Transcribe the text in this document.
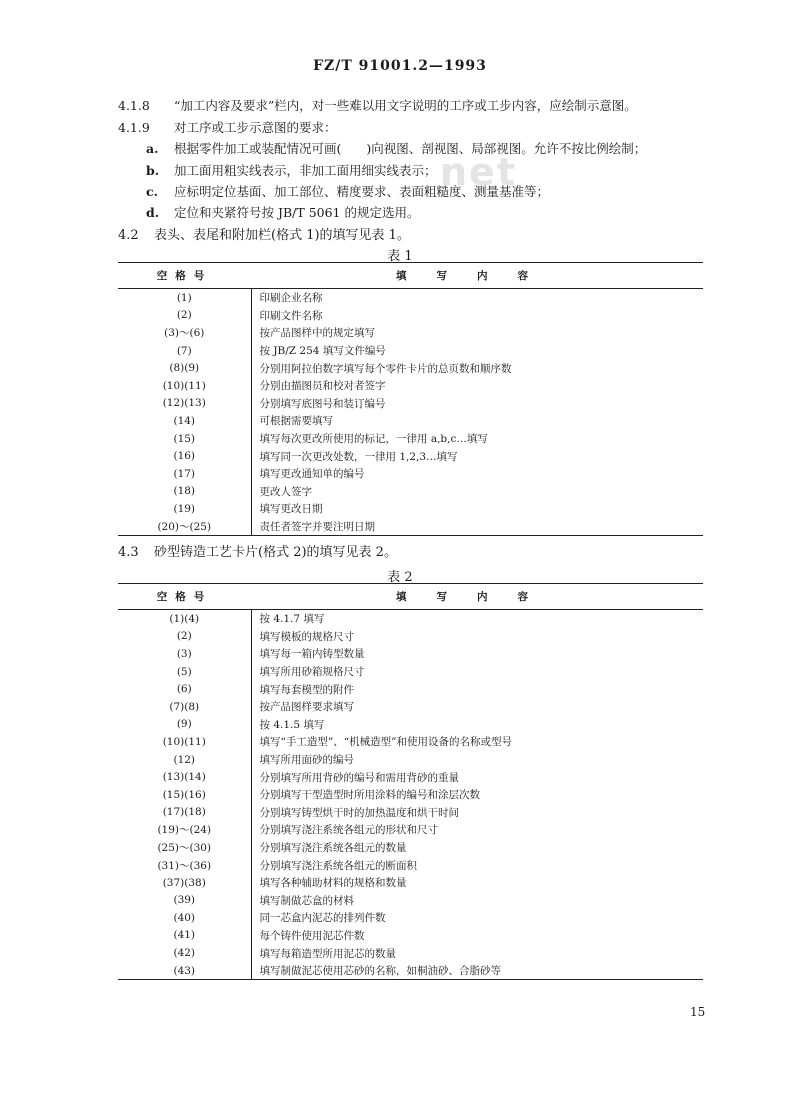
net
FZ/T 91001.2—1993
4.1.8 “加工内容及要求”栏内，对一些难以用文字说明的工序或工步内容，应绘制示意图。
4.1.9 对工序或工步示意图的要求：
a. 根据零件加工或装配情况可画(　　)向视图、剖视图、局部视图。允许不按比例绘制；
b. 加工面用粗实线表示，非加工面用细实线表示；
c. 应标明定位基面、加工部位、精度要求、表面粗糙度、测量基准等；
d. 定位和夹紧符号按 JB/T 5061 的规定选用。
4.2 表头、表尾和附加栏(格式 1)的填写见表 1。
表 1
空格号	填写内容
(1)	印刷企业名称
(2)	印刷文件名称
(3)～(6)	按产品图样中的规定填写
(7)	按 JB/Z 254 填写文件编号
(8)(9)	分别用阿拉伯数字填写每个零件卡片的总页数和顺序数
(10)(11)	分别由描图员和校对者签字
(12)(13)	分别填写底图号和装订编号
(14)	可根据需要填写
(15)	填写每次更改所使用的标记，一律用 a,b,c…填写
(16)	填写同一次更改处数，一律用 1,2,3…填写
(17)	填写更改通知单的编号
(18)	更改人签字
(19)	填写更改日期
(20)～(25)	责任者签字并要注明日期
4.3 砂型铸造工艺卡片(格式 2)的填写见表 2。
表 2
空格号	填写内容
(1)(4)	按 4.1.7 填写
(2)	填写模板的规格尺寸
(3)	填写每一箱内铸型数量
(5)	填写所用砂箱规格尺寸
(6)	填写每套模型的附件
(7)(8)	按产品图样要求填写
(9)	按 4.1.5 填写
(10)(11)	填写“手工造型”、“机械造型”和使用设备的名称或型号
(12)	填写所用面砂的编号
(13)(14)	分别填写所用背砂的编号和需用背砂的重量
(15)(16)	分别填写干型造型时所用涂料的编号和涂层次数
(17)(18)	分别填写铸型烘干时的加热温度和烘干时间
(19)～(24)	分别填写浇注系统各组元的形状和尺寸
(25)～(30)	分别填写浇注系统各组元的数量
(31)～(36)	分别填写浇注系统各组元的断面积
(37)(38)	填写各种辅助材料的规格和数量
(39)	填写制做芯盒的材料
(40)	同一芯盒内泥芯的排列件数
(41)	每个铸件使用泥芯件数
(42)	填写每箱造型所用泥芯的数量
(43)	填写制做泥芯使用芯砂的名称，如桐油砂、合脂砂等
15
